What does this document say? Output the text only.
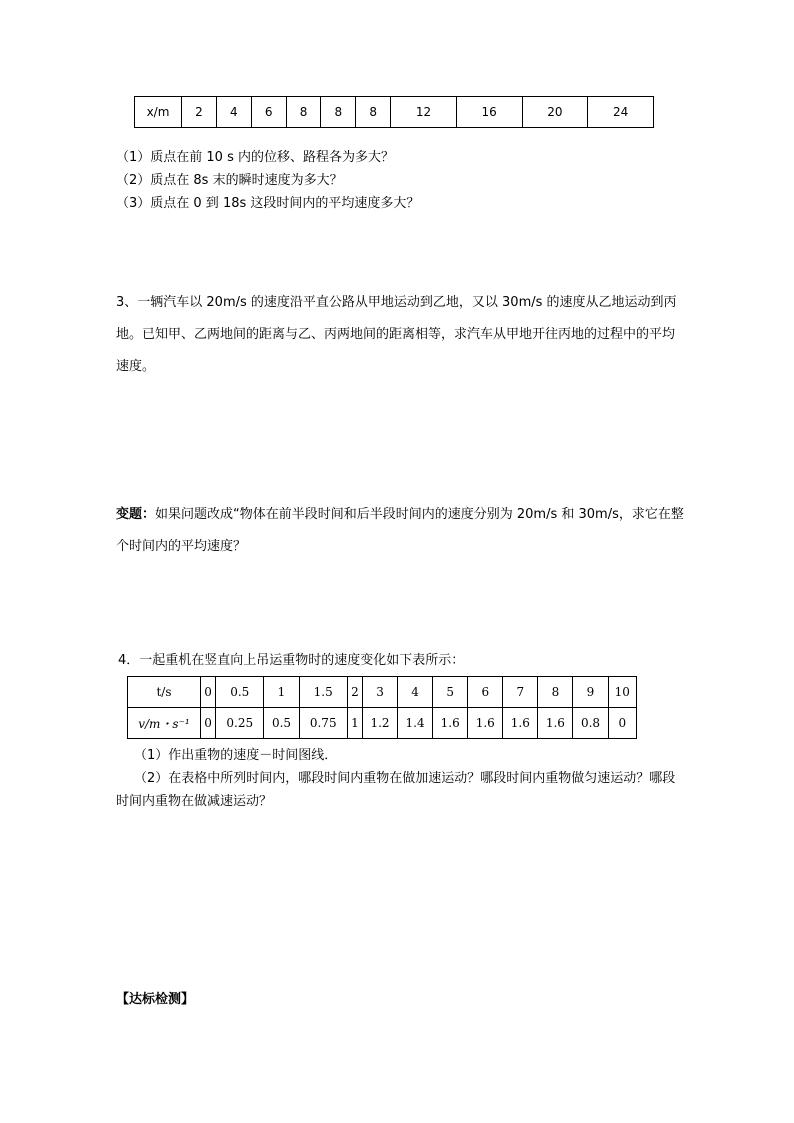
x/m	2	4	6	8	8	8	12	16	20	24
（1）质点在前 10 s 内的位移、路程各为多大？
（2）质点在 8s 末的瞬时速度为多大？
（3）质点在 0 到 18s 这段时间内的平均速度多大？
3、一辆汽车以 20m/s 的速度沿平直公路从甲地运动到乙地，又以 30m/s 的速度从乙地运动到丙地。已知甲、乙两地间的距离与乙、丙两地间的距离相等，求汽车从甲地开往丙地的过程中的平均速度。
变题：如果问题改成“物体在前半段时间和后半段时间内的速度分别为 20m/s 和 30m/s，求它在整个时间内的平均速度？
4．一起重机在竖直向上吊运重物时的速度变化如下表所示：
t/s	0	0.5	1	1.5	2	3	4	5	6	7	8	9	10
v/m・s⁻¹	0	0.25	0.5	0.75	1	1.2	1.4	1.6	1.6	1.6	1.6	0.8	0
（1）作出重物的速度－时间图线．
（2）在表格中所列时间内，哪段时间内重物在做加速运动？哪段时间内重物做匀速运动？哪段时间内重物在做减速运动？
【达标检测】
